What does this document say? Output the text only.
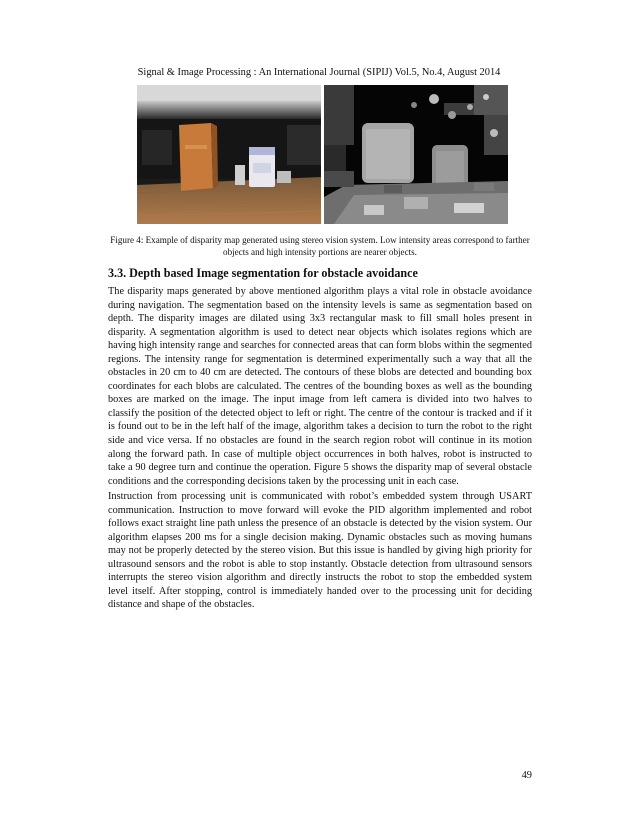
Signal & Image Processing : An International Journal (SIPIJ) Vol.5, No.4, August 2014
Figure 4: Example of disparity map generated using stereo vision system. Low intensity areas correspond to farther objects and high intensity portions are nearer objects.
3.3. Depth based Image segmentation for obstacle avoidance

The disparity maps generated by above mentioned algorithm plays a vital role in obstacle avoidance during navigation. The segmentation based on the intensity levels is same as segmentation based on depth. The disparity images are dilated using 3x3 rectangular mask to fill small holes present in disparity. A segmentation algorithm is used to detect near objects which isolates regions which are having high intensity range and searches for connected areas that can form blobs within the segmented regions. The intensity range for segmentation is determined experimentally such a way that all the obstacles in 20 cm to 40 cm are detected. The contours of these blobs are detected and bounding box coordinates for each blobs are calculated. The centres of the bounding boxes as well as the bounding boxes are marked on the image. The input image from left camera is divided into two halves to classify the position of the detected object to left or right. The centre of the contour is tracked and if it is found out to be in the left half of the image, algorithm takes a decision to turn the robot to the right side and vice versa. If no obstacles are found in the search region robot will continue in its motion along the forward path. In case of multiple object occurrences in both halves, robot is instructed to take a 90 degree turn and continue the operation. Figure 5 shows the disparity map of several obstacle conditions and the corresponding decisions taken by the processing unit in each case.

Instruction from processing unit is communicated with robot’s embedded system through USART communication. Instruction to move forward will evoke the PID algorithm implemented and robot follows exact straight line path unless the presence of an obstacle is detected by the vision system. Our algorithm elapses 200 ms for a single decision making. Dynamic obstacles such as moving humans may not be properly detected by the stereo vision. But this issue is handled by giving high priority for ultrasound sensors and the robot is able to stop instantly. Obstacle detection from ultrasound sensors interrupts the stereo vision algorithm and directly instructs the robot to stop the embedded system level itself. After stopping, control is immediately handed over to the processing unit for deciding distance and shape of the obstacles.

49
